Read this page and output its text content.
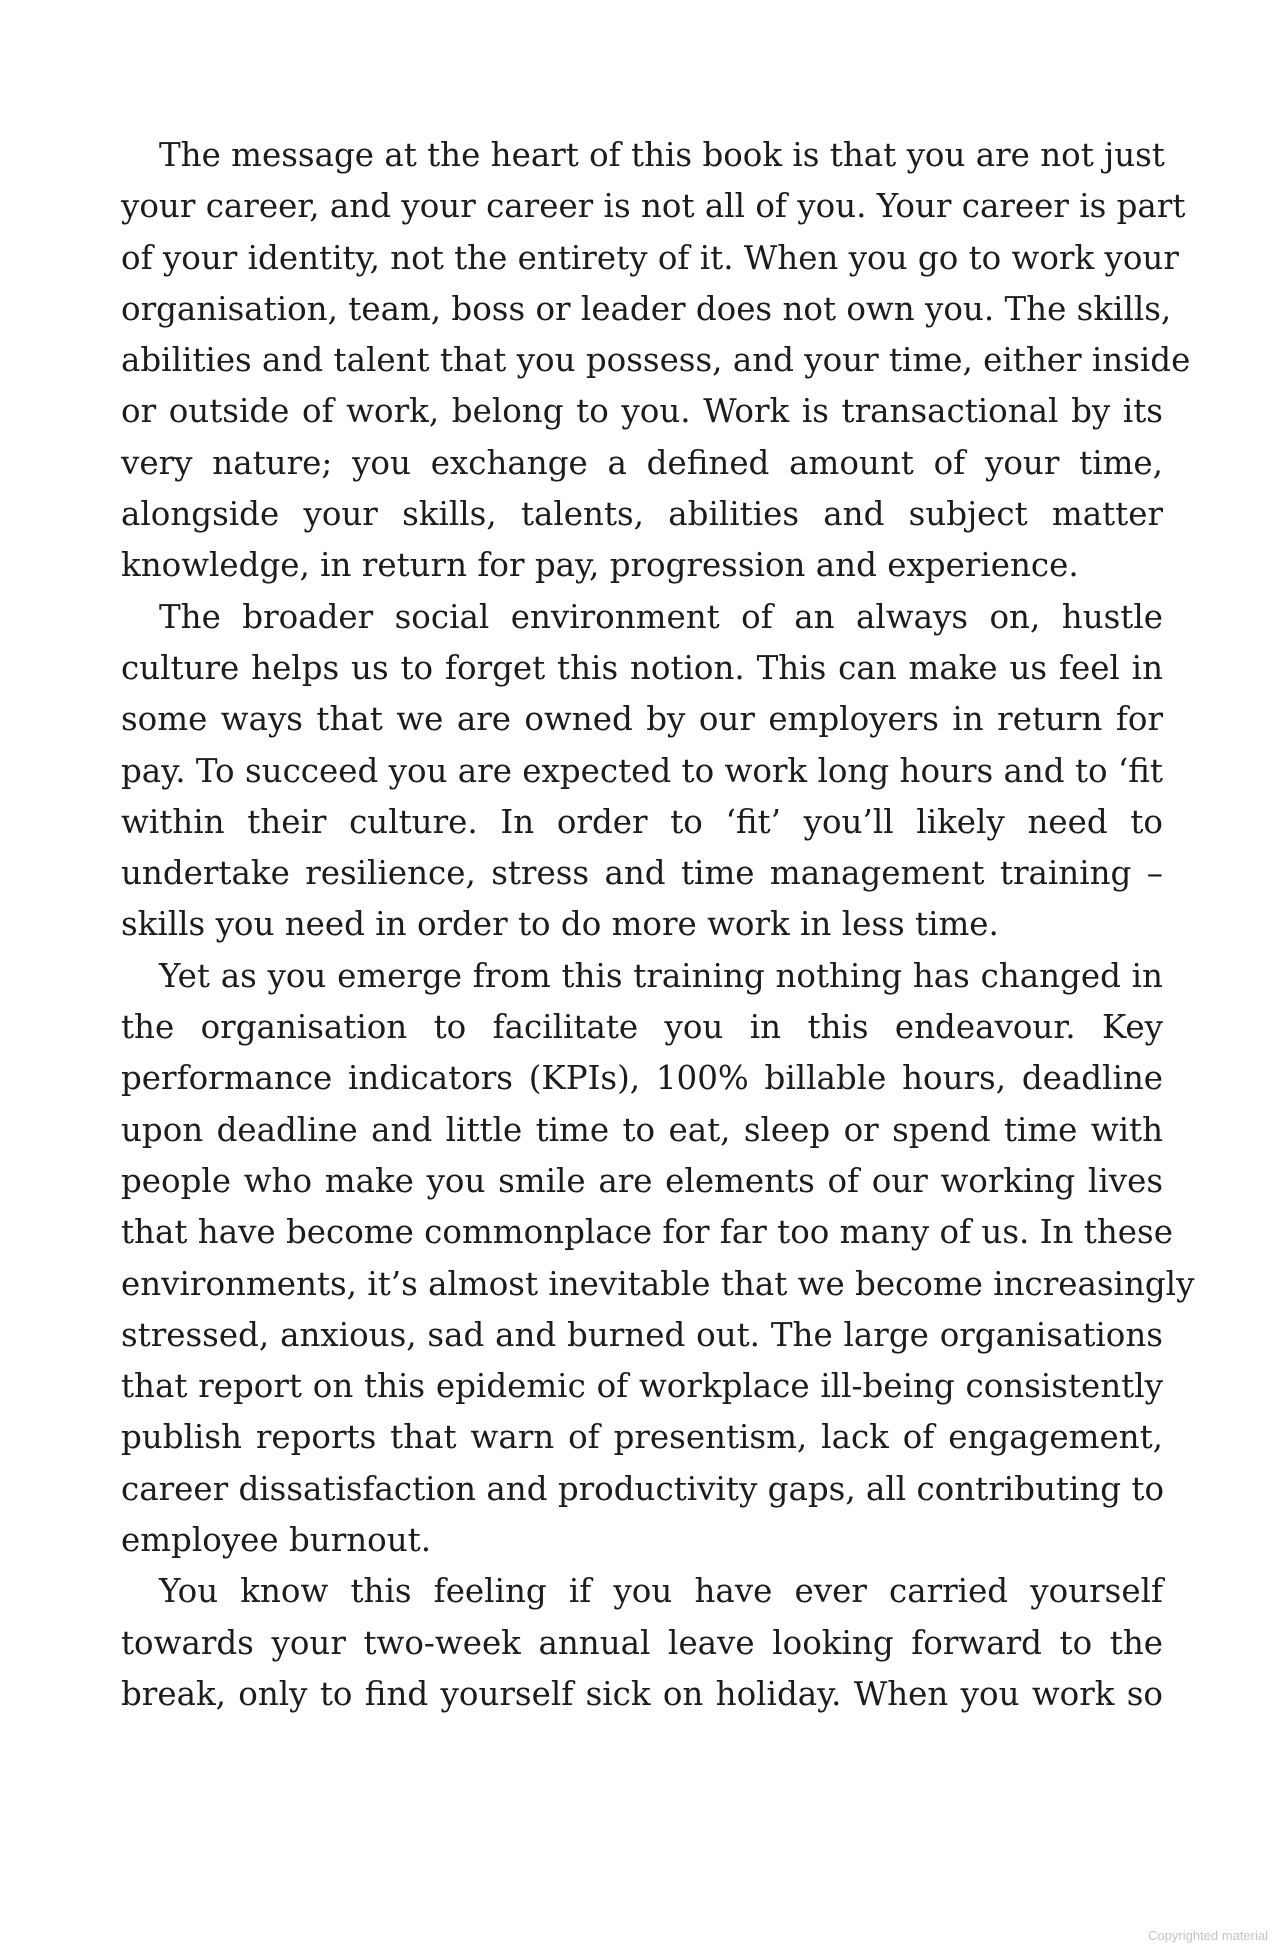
The message at the heart of this book is that you are not just
your career, and your career is not all of you. Your career is part
of your identity, not the entirety of it. When you go to work your
organisation, team, boss or leader does not own you. The skills,
abilities and talent that you possess, and your time, either inside
or outside of work, belong to you. Work is transactional by its
very nature; you exchange a defined amount of your time,
alongside your skills, talents, abilities and subject matter
knowledge, in return for pay, progression and experience.
The broader social environment of an always on, hustle
culture helps us to forget this notion. This can make us feel in
some ways that we are owned by our employers in return for
pay. To succeed you are expected to work long hours and to ‘fit
within their culture. In order to ‘fit’ you’ll likely need to
undertake resilience, stress and time management training –
skills you need in order to do more work in less time.
Yet as you emerge from this training nothing has changed in
the organisation to facilitate you in this endeavour. Key
performance indicators (KPIs), 100% billable hours, deadline
upon deadline and little time to eat, sleep or spend time with
people who make you smile are elements of our working lives
that have become commonplace for far too many of us. In these
environments, it’s almost inevitable that we become increasingly
stressed, anxious, sad and burned out. The large organisations
that report on this epidemic of workplace ill-being consistently
publish reports that warn of presentism, lack of engagement,
career dissatisfaction and productivity gaps, all contributing to
employee burnout.
You know this feeling if you have ever carried yourself
towards your two-week annual leave looking forward to the
break, only to find yourself sick on holiday. When you work so
Copyrighted material
